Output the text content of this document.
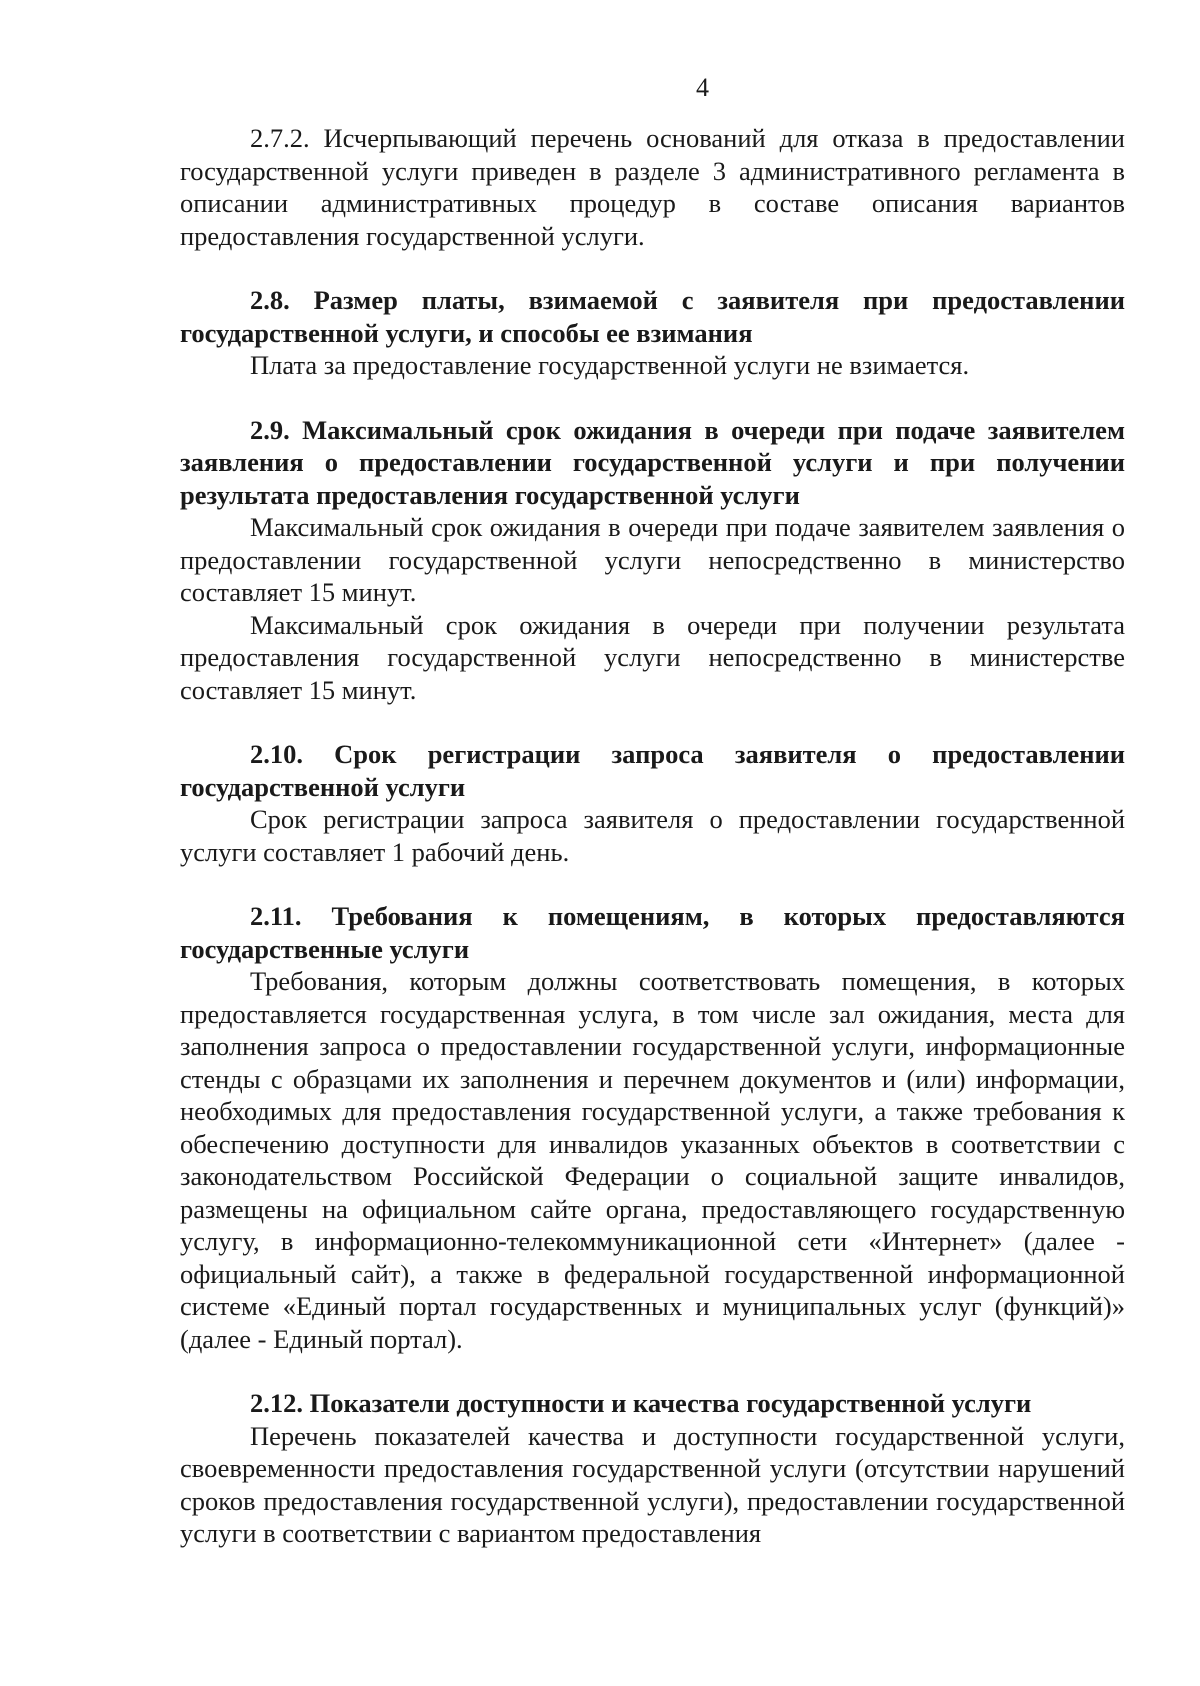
4

2.7.2. Исчерпывающий перечень оснований для отказа в предоставлении государственной услуги приведен в разделе 3 административного регламента в описании административных процедур в составе описания вариантов предоставления государственной услуги.

2.8. Размер платы, взимаемой с заявителя при предоставлении государственной услуги, и способы ее взимания

Плата за предоставление государственной услуги не взимается.

2.9. Максимальный срок ожидания в очереди при подаче заявителем заявления о предоставлении государственной услуги и при получении результата предоставления государственной услуги

Максимальный срок ожидания в очереди при подаче заявителем заявления о предоставлении государственной услуги непосредственно в министерство составляет 15 минут.

Максимальный срок ожидания в очереди при получении результата предоставления государственной услуги непосредственно в министерстве составляет 15 минут.

2.10. Срок регистрации запроса заявителя о предоставлении государственной услуги

Срок регистрации запроса заявителя о предоставлении государственной услуги составляет 1 рабочий день.

2.11. Требования к помещениям, в которых предоставляются государственные услуги

Требования, которым должны соответствовать помещения, в которых предоставляется государственная услуга, в том числе зал ожидания, места для заполнения запроса о предоставлении государственной услуги, информационные стенды с образцами их заполнения и перечнем документов и (или) информации, необходимых для предоставления государственной услуги, а также требования к обеспечению доступности для инвалидов указанных объектов в соответствии с законодательством Российской Федерации о социальной защите инвалидов, размещены на официальном сайте органа, предоставляющего государственную услугу, в информационно-телекоммуникационной сети «Интернет» (далее - официальный сайт), а также в федеральной государственной информационной системе «Единый портал государственных и муниципальных услуг (функций)» (далее - Единый портал).

2.12. Показатели доступности и качества государственной услуги

Перечень показателей качества и доступности государственной услуги, своевременности предоставления государственной услуги (отсутствии нарушений сроков предоставления государственной услуги), предоставлении государственной услуги в соответствии с вариантом предоставления
